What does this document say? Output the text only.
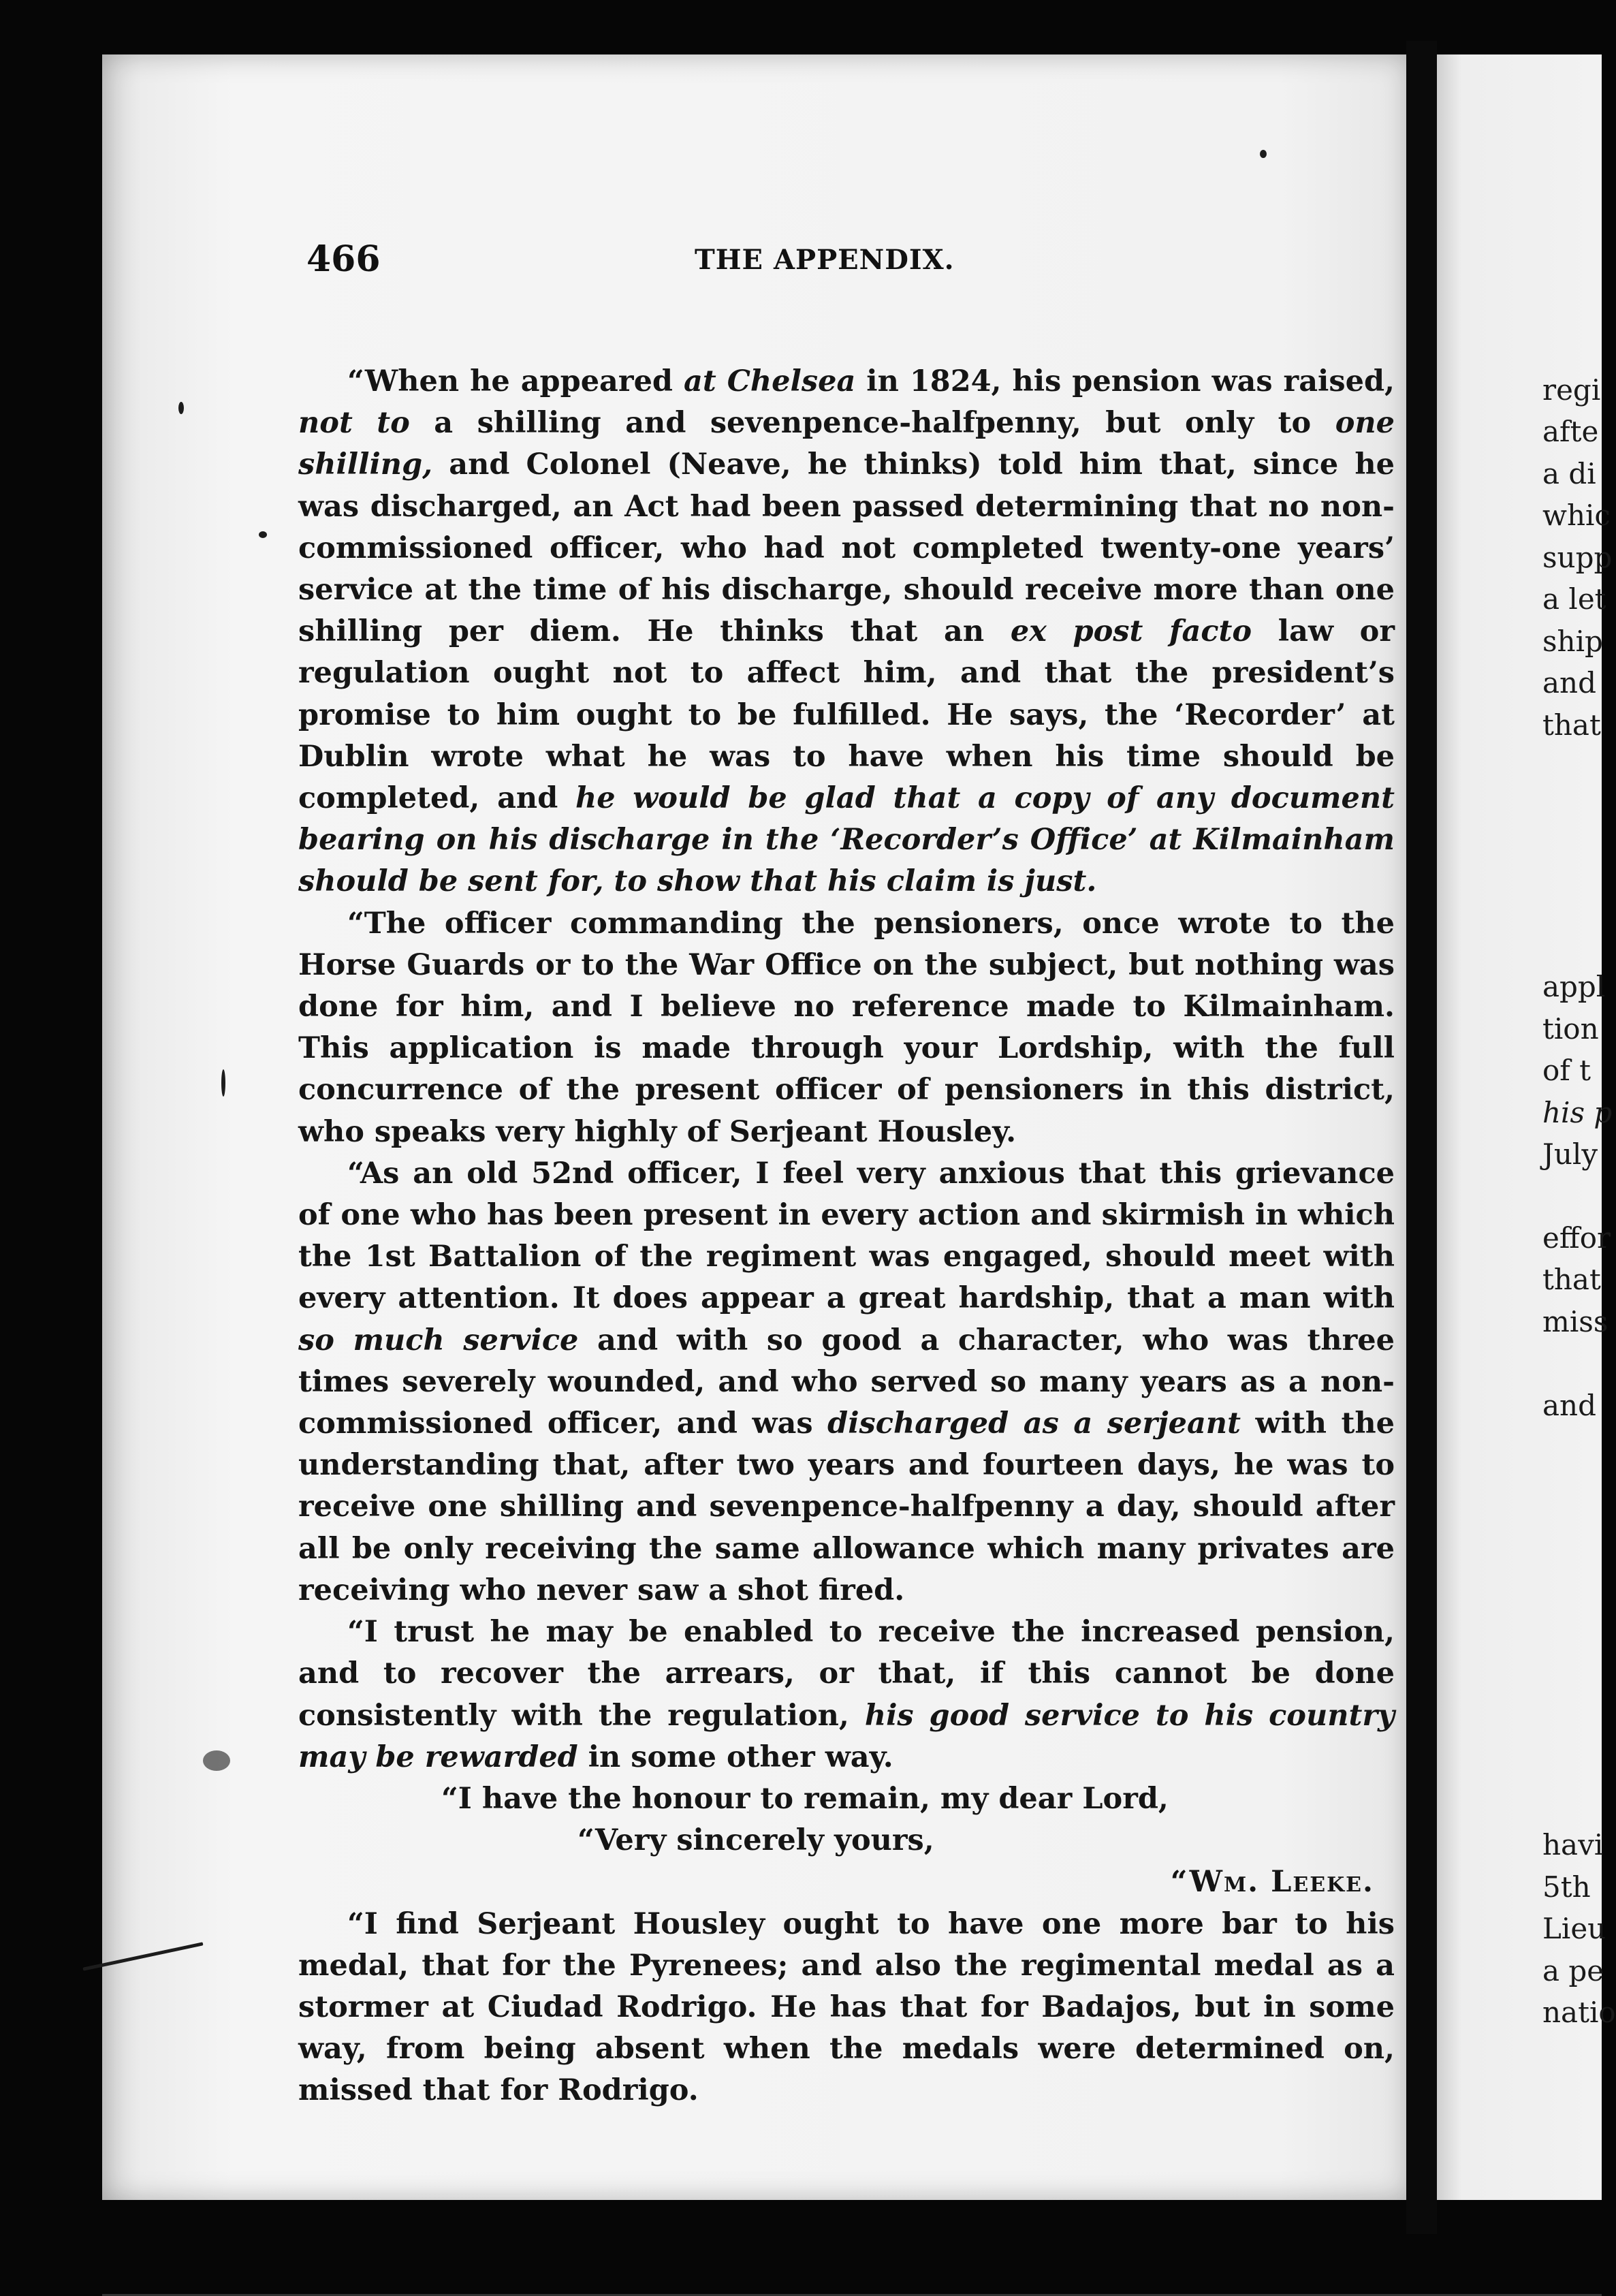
466	THE APPENDIX.

“When he appeared at Chelsea in 1824, his pension was raised, not to a shilling and sevenpence-halfpenny, but only to one shilling, and Colonel (Neave, he thinks) told him that, since he was discharged, an Act had been passed determining that no non-commissioned officer, who had not completed twenty-one years’ service at the time of his discharge, should receive more than one shilling per diem. He thinks that an ex post facto law or regulation ought not to affect him, and that the president’s promise to him ought to be fulfilled. He says, the ‘Recorder’ at Dublin wrote what he was to have when his time should be completed, and he would be glad that a copy of any document bearing on his discharge in the ‘Recorder’s Office’ at Kilmainham should be sent for, to show that his claim is just.

“The officer commanding the pensioners, once wrote to the Horse Guards or to the War Office on the subject, but nothing was done for him, and I believe no reference made to Kilmainham. This application is made through your Lordship, with the full concurrence of the present officer of pensioners in this district, who speaks very highly of Serjeant Housley.

“As an old 52nd officer, I feel very anxious that this grievance of one who has been present in every action and skirmish in which the 1st Battalion of the regiment was engaged, should meet with every attention. It does appear a great hardship, that a man with so much service and with so good a character, who was three times severely wounded, and who served so many years as a non-commissioned officer, and was discharged as a serjeant with the understanding that, after two years and fourteen days, he was to receive one shilling and sevenpence-halfpenny a day, should after all be only receiving the same allowance which many privates are receiving who never saw a shot fired.

“I trust he may be enabled to receive the increased pension, and to recover the arrears, or that, if this cannot be done consistently with the regulation, his good service to his country may be rewarded in some other way.

“I have the honour to remain, my dear Lord,
“Very sincerely yours,
“Wm. Leeke.

“I find Serjeant Housley ought to have one more bar to his medal, that for the Pyrenees; and also the regimental medal as a stormer at Ciudad Rodrigo. He has that for Badajos, but in some way, from being absent when the medals were determined on, missed that for Rodrigo.

regi
afte
a di
whic
supp
a let
ship
and
that
appl
tion
of t
his p
July
effor
that
miss
and
havi
5th
Lieu
a pe
natio
